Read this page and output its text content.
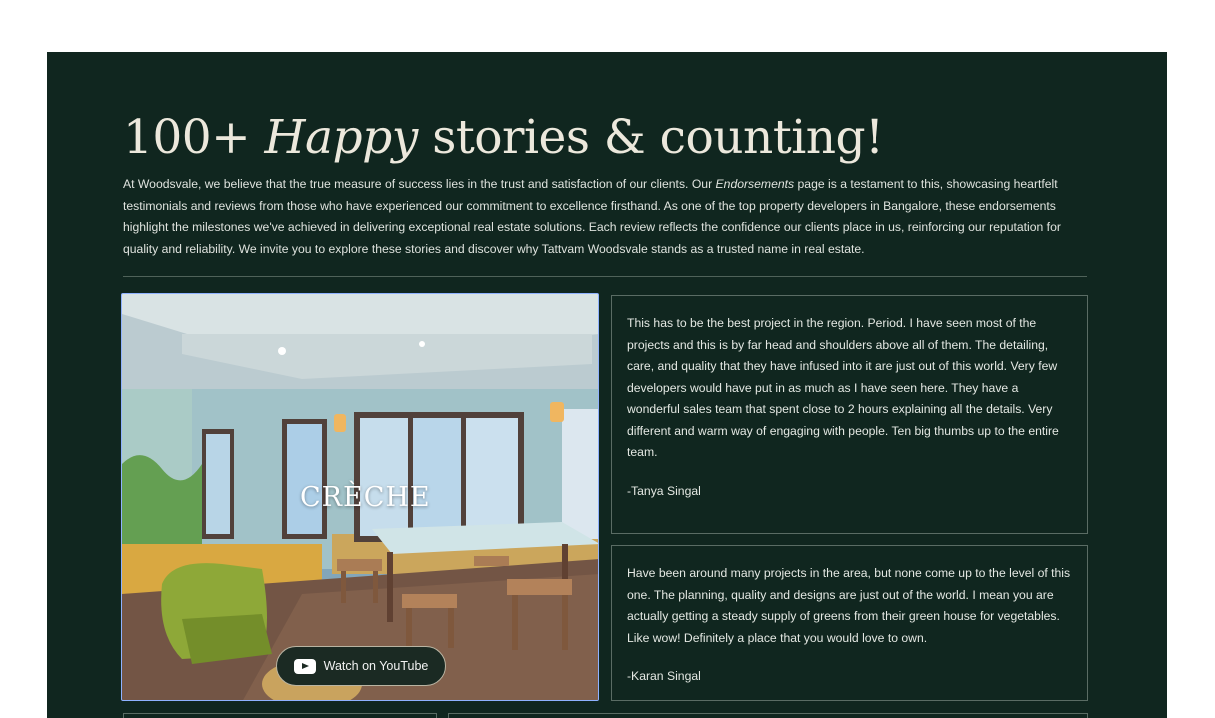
100+ Happy stories & counting!

At Woodsvale, we believe that the true measure of success lies in the trust and satisfaction of our clients. Our Endorsements page is a testament to this, showcasing heartfelt testimonials and reviews from those who have experienced our commitment to excellence firsthand. As one of the top property developers in Bangalore, these endorsements highlight the milestones we've achieved in delivering exceptional real estate solutions. Each review reflects the confidence our clients place in us, reinforcing our reputation for quality and reliability. We invite you to explore these stories and discover why Tattvam Woodsvale stands as a trusted name in real estate.

CRÈCHE
Watch on YouTube

This has to be the best project in the region. Period. I have seen most of the projects and this is by far head and shoulders above all of them. The detailing, care, and quality that they have infused into it are just out of this world. Very few developers would have put in as much as I have seen here. They have a wonderful sales team that spent close to 2 hours explaining all the details. Very different and warm way of engaging with people. Ten big thumbs up to the entire team.

-Tanya Singal

Have been around many projects in the area, but none come up to the level of this one. The planning, quality and designs are just out of the world. I mean you are actually getting a steady supply of greens from their green house for vegetables. Like wow! Definitely a place that you would love to own.

-Karan Singal
